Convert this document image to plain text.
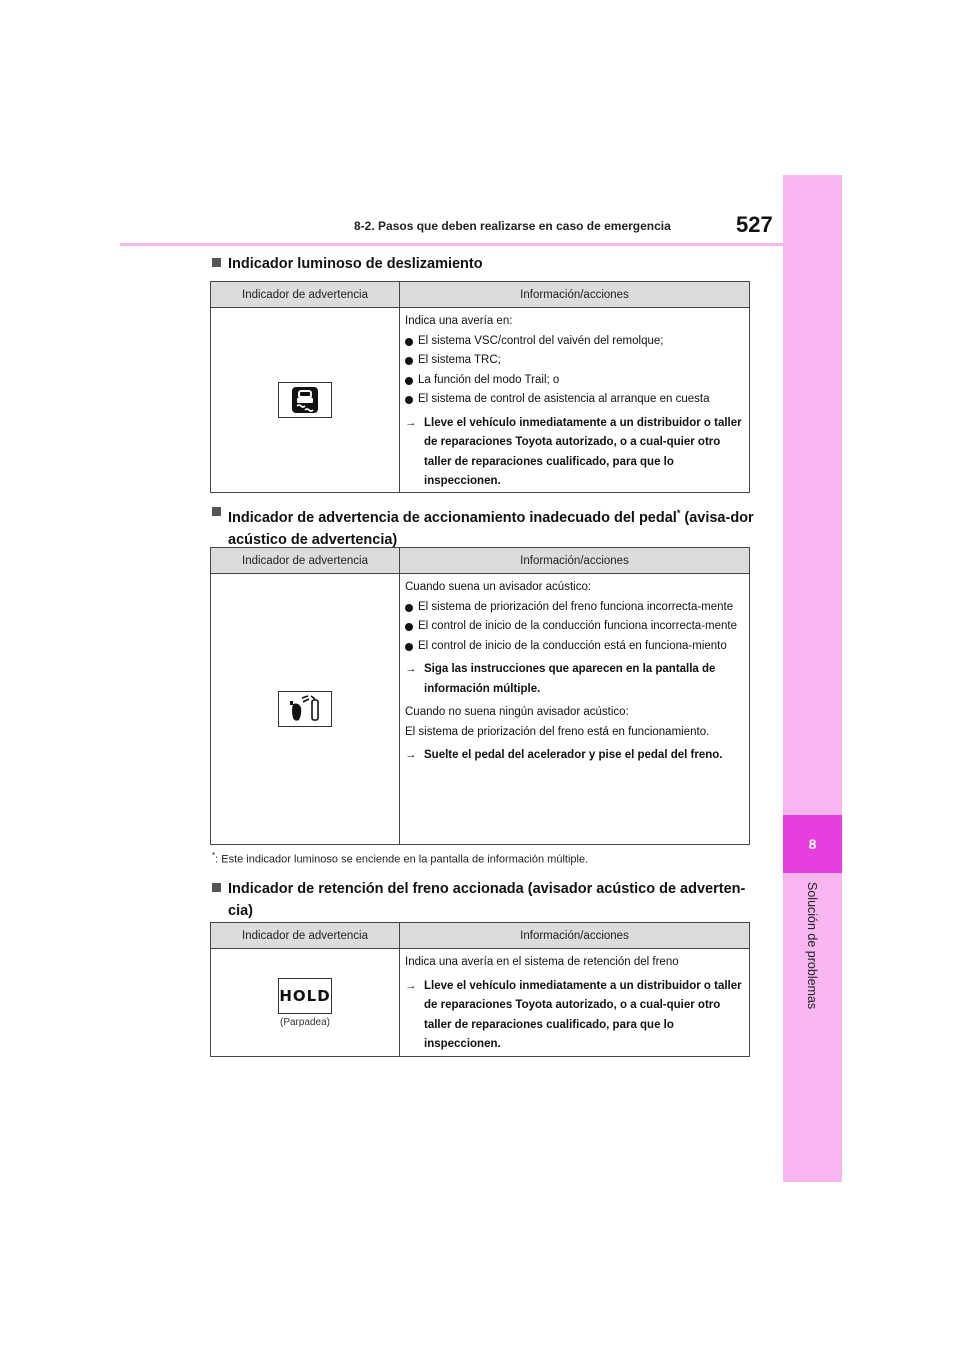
8
Solución de problemas
8-2. Pasos que deben realizarse en caso de emergencia	527
Indicador luminoso de deslizamiento
Indicador de advertencia	Información/acciones
Indica una avería en:
El sistema VSC/control del vaivén del remolque;
El sistema TRC;
La función del modo Trail; o
El sistema de control de asistencia al arranque en cuesta
→ Lleve el vehículo inmediatamente a un distribuidor o taller de reparaciones Toyota autorizado, o a cual-quier otro taller de reparaciones cualificado, para que lo inspeccionen.
Indicador de advertencia de accionamiento inadecuado del pedal* (avisa-dor acústico de advertencia)
Indicador de advertencia	Información/acciones
Cuando suena un avisador acústico:
El sistema de priorización del freno funciona incorrecta-mente
El control de inicio de la conducción funciona incorrecta-mente
El control de inicio de la conducción está en funciona-miento
→ Siga las instrucciones que aparecen en la pantalla de información múltiple.
Cuando no suena ningún avisador acústico:
El sistema de priorización del freno está en funcionamiento.
→ Suelte el pedal del acelerador y pise el pedal del freno.
*: Este indicador luminoso se enciende en la pantalla de información múltiple.
Indicador de retención del freno accionada (avisador acústico de adverten-cia)
Indicador de advertencia	Información/acciones
HOLD
(Parpadea)
Indica una avería en el sistema de retención del freno
→ Lleve el vehículo inmediatamente a un distribuidor o taller de reparaciones Toyota autorizado, o a cual-quier otro taller de reparaciones cualificado, para que lo inspeccionen.
